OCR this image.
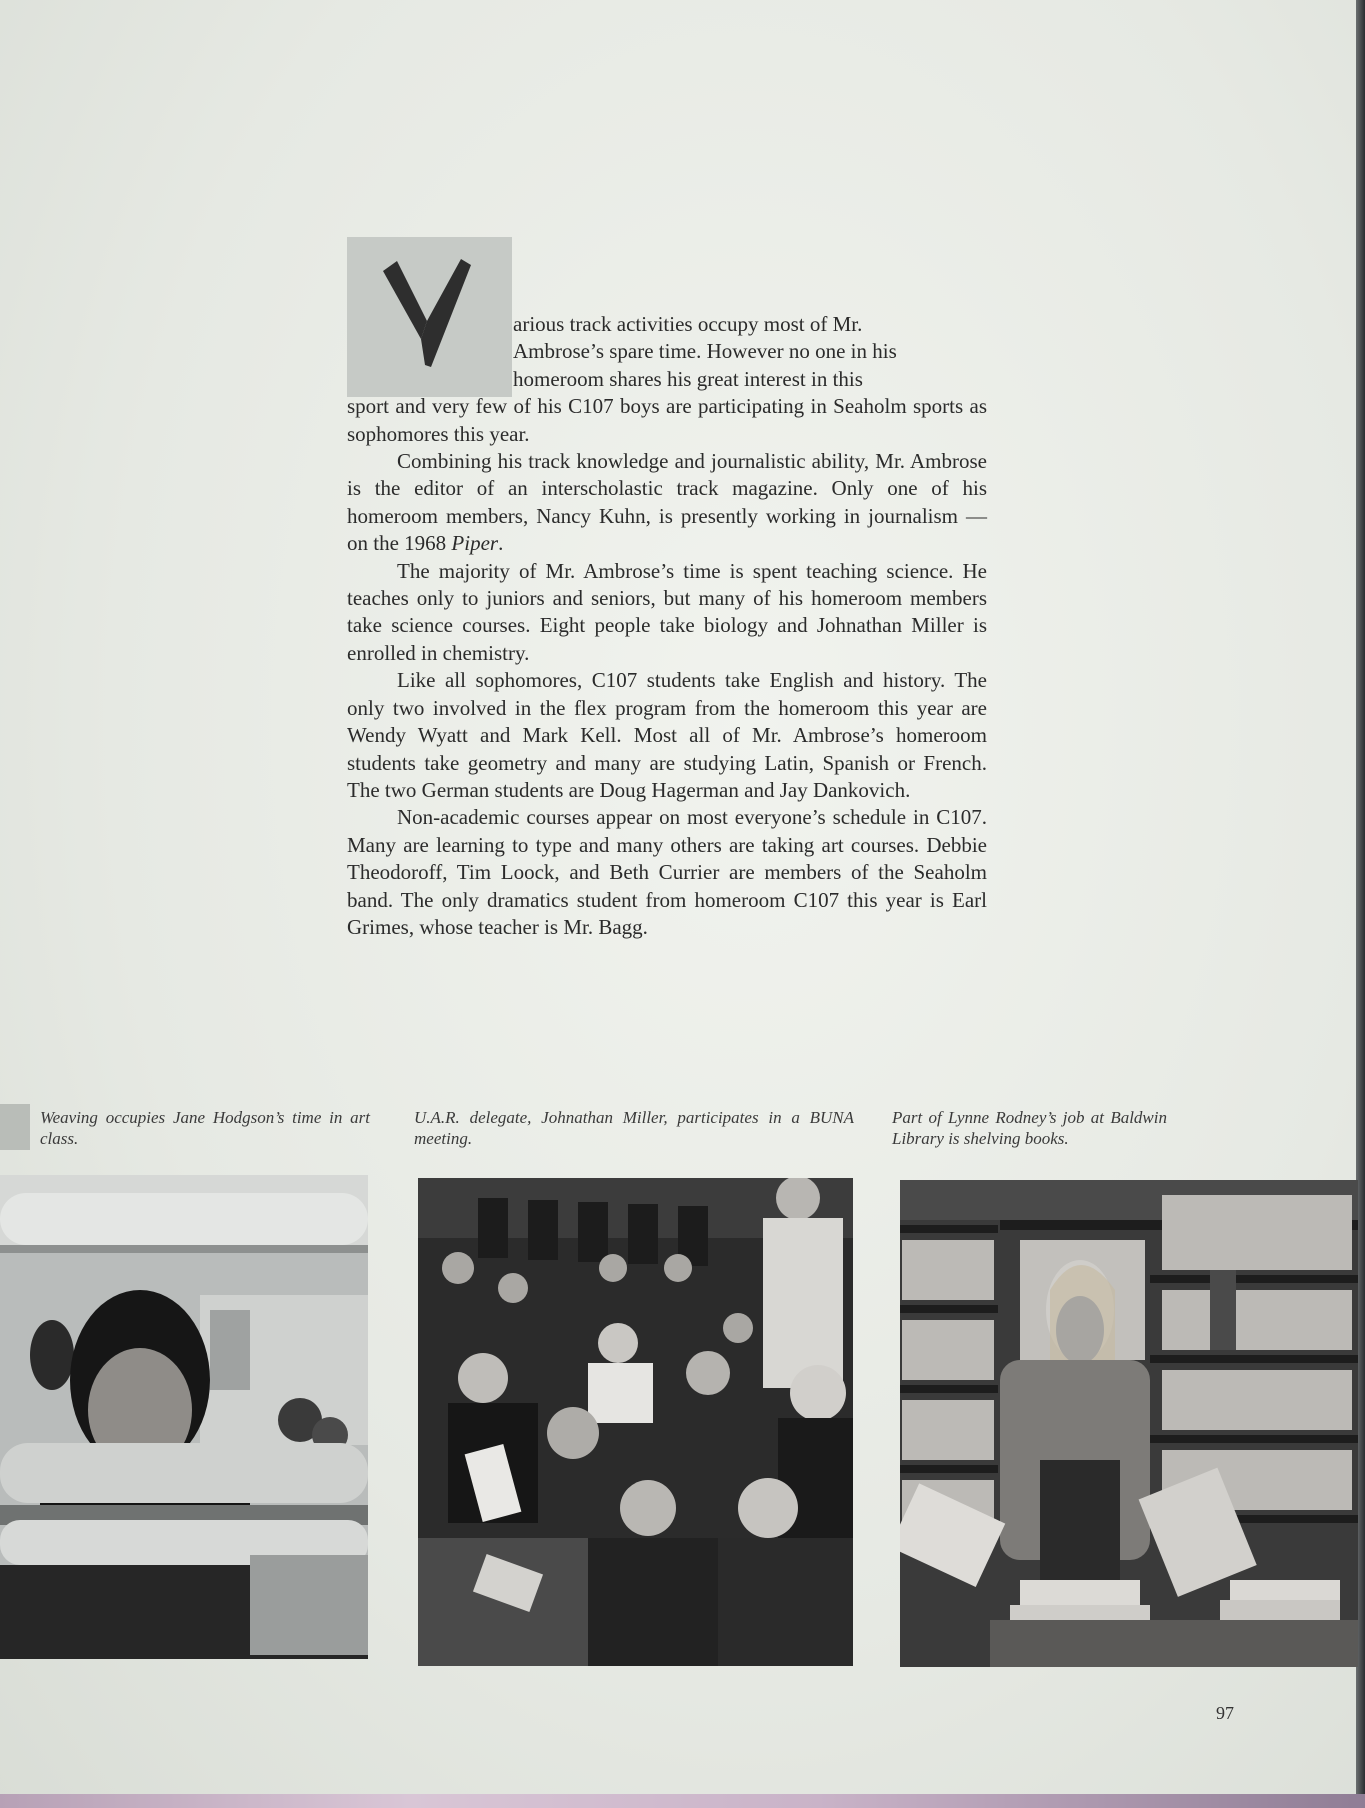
arious track activities occupy most of Mr.
Ambrose’s spare time. However no one in his
homeroom shares his great interest in this
sport and very few of his C107 boys are participating in Seaholm sports as sophomores this year.

Combining his track knowledge and journalistic ability, Mr. Ambrose is the editor of an interscholastic track magazine. Only one of his homeroom members, Nancy Kuhn, is presently working in journalism — on the 1968 Piper.

The majority of Mr. Ambrose’s time is spent teaching science. He teaches only to juniors and seniors, but many of his homeroom members take science courses. Eight people take biology and Johnathan Miller is enrolled in chemistry.

Like all sophomores, C107 students take English and history. The only two involved in the flex program from the homeroom this year are Wendy Wyatt and Mark Kell. Most all of Mr. Ambrose’s homeroom students take geometry and many are studying Latin, Spanish or French. The two German students are Doug Hagerman and Jay Dankovich.

Non-academic courses appear on most everyone’s schedule in C107. Many are learning to type and many others are taking art courses. Debbie Theodoroff, Tim Loock, and Beth Currier are members of the Seaholm band. The only dramatics student from homeroom C107 this year is Earl Grimes, whose teacher is Mr. Bagg.

Weaving occupies Jane Hodgson’s time in art class.
U.A.R. delegate, Johnathan Miller, participates in a BUNA meeting.
Part of Lynne Rodney’s job at Baldwin Library is shelving books.
97
